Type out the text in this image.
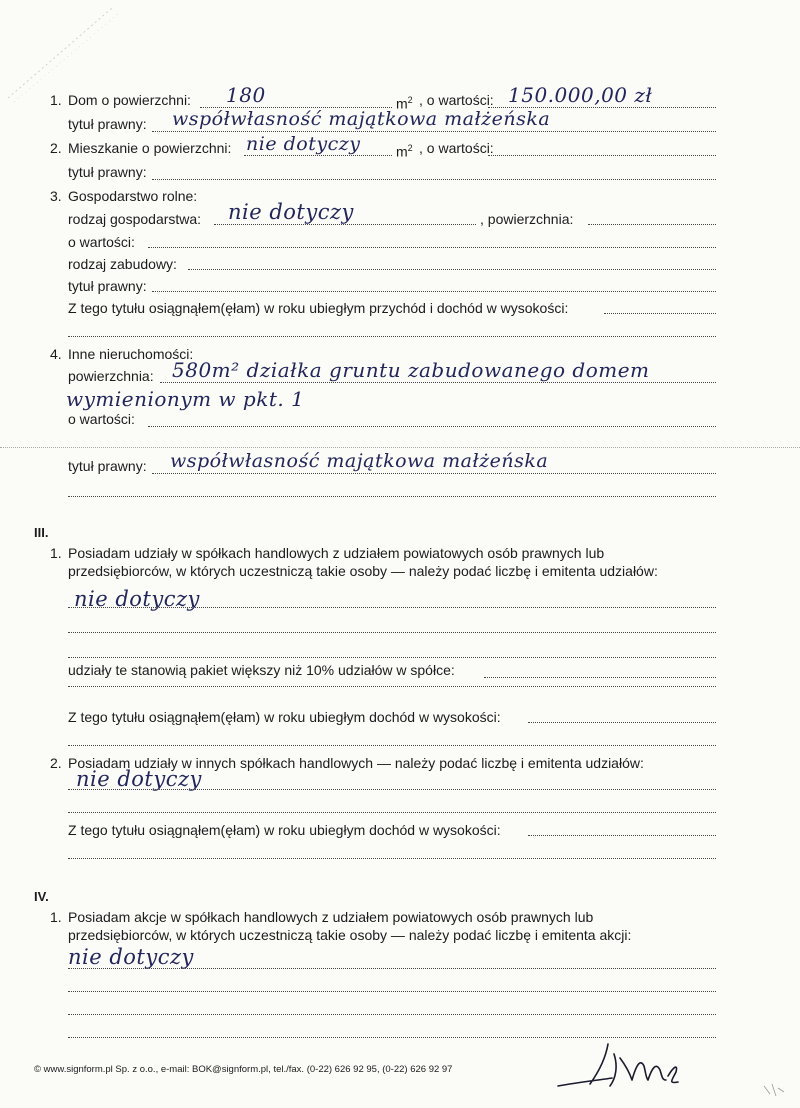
1. Dom o powierzchni: 180	$m^2$ , o wartości: 150.000,00 zł
tytuł prawny: współwłasność majątkowa małżeńska
2. Mieszkanie o powierzchni: nie dotyczy	$m^2$ , o wartości:
tytuł prawny:
3. Gospodarstwo rolne:
rodzaj gospodarstwa: nie dotyczy	, powierzchnia:
o wartości:
rodzaj zabudowy:
tytuł prawny:
Z tego tytułu osiągnąłem(ęłam) w roku ubiegłym przychód i dochód w wysokości:
4. Inne nieruchomości:
powierzchnia: 580m² działka gruntu zabudowanego domem
wymienionym w pkt. 1
o wartości:
tytuł prawny: współwłasność majątkowa małżeńska
III.
1. Posiadam udziały w spółkach handlowych z udziałem powiatowych osób prawnych lub
przedsiębiorców, w których uczestniczą takie osoby — należy podać liczbę i emitenta udziałów:
nie dotyczy
udziały te stanowią pakiet większy niż 10% udziałów w spółce:
Z tego tytułu osiągnąłem(ęłam) w roku ubiegłym dochód w wysokości:
2. Posiadam udziały w innych spółkach handlowych — należy podać liczbę i emitenta udziałów:
nie dotyczy
Z tego tytułu osiągnąłem(ęłam) w roku ubiegłym dochód w wysokości:
IV.
1. Posiadam akcje w spółkach handlowych z udziałem powiatowych osób prawnych lub
przedsiębiorców, w których uczestniczą takie osoby — należy podać liczbę i emitenta akcji:
nie dotyczy
© www.signform.pl Sp. z o.o., e-mail: BOK@signform.pl, tel./fax. (0-22) 626 92 95, (0-22) 626 92 97
